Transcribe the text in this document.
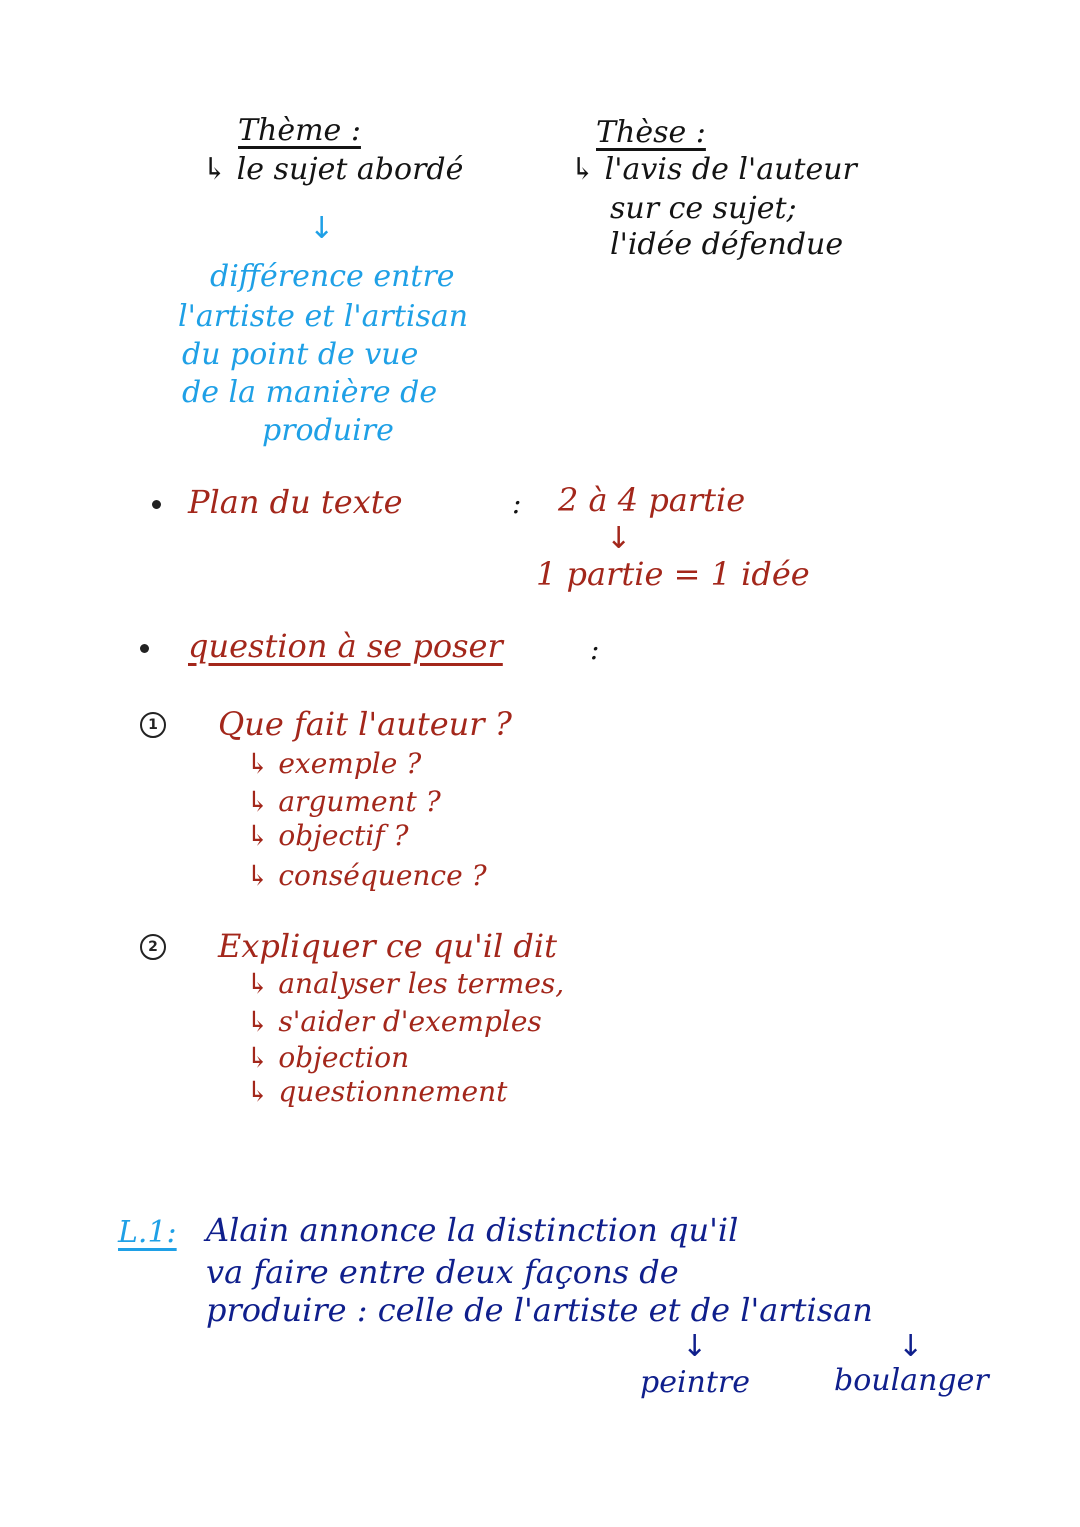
Thème :
↳ le sujet abordé
↓
différence entre
l'artiste et l'artisan
du point de vue
de la manière de
produire
Thèse :
↳ l'avis de l'auteur
sur ce sujet;
l'idée défendue
Plan du texte	: 2 à 4 partie
↓
1 partie = 1 idée
question à se poser	:
1 Que fait l'auteur ?
↳ exemple ?
↳ argument ?
↳ objectif ?
↳ conséquence ?
2 Expliquer ce qu'il dit
↳ analyser les termes,
↳ s'aider d'exemples
↳ objection
↳ questionnement
L.1: Alain annonce la distinction qu'il
va faire entre deux façons de
produire : celle de l'artiste et de l'artisan
↓	↓
peintre	boulanger
